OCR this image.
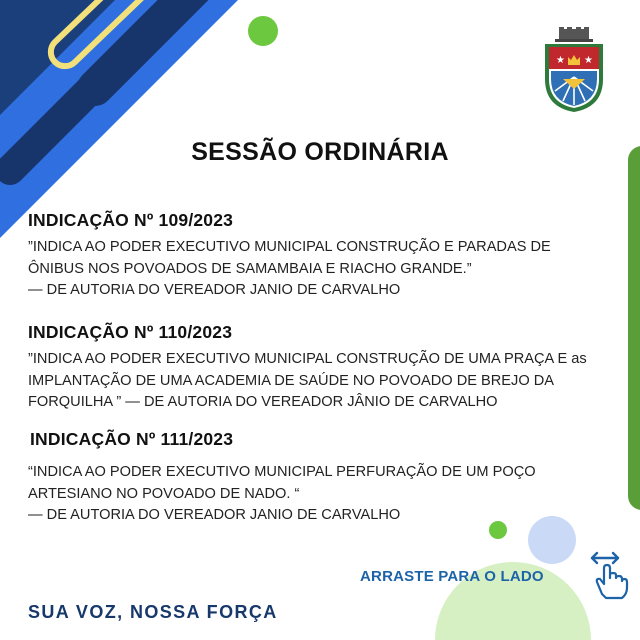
★ ★
SESSÃO ORDINÁRIA
INDICAÇÃO Nº 109/2023

”INDICA AO PODER EXECUTIVO MUNICIPAL CONSTRUÇÃO E PARADAS DE
ÔNIBUS NOS POVOADOS DE SAMAMBAIA E RIACHO GRANDE.”
— DE AUTORIA DO VEREADOR JANIO DE CARVALHO

INDICAÇÃO Nº 110/2023

”INDICA AO PODER EXECUTIVO MUNICIPAL CONSTRUÇÃO DE UMA PRAÇA E as
IMPLANTAÇÃO DE UMA ACADEMIA DE SAÚDE NO POVOADO DE BREJO DA
FORQUILHA ” — DE AUTORIA DO VEREADOR JÂNIO DE CARVALHO

INDICAÇÃO Nº 111/2023

“INDICA AO PODER EXECUTIVO MUNICIPAL PERFURAÇÃO DE UM POÇO
ARTESIANO NO POVOADO DE NADO. “
— DE AUTORIA DO VEREADOR JANIO DE CARVALHO

ARRASTE PARA O LADO
SUA VOZ, NOSSA FORÇA
